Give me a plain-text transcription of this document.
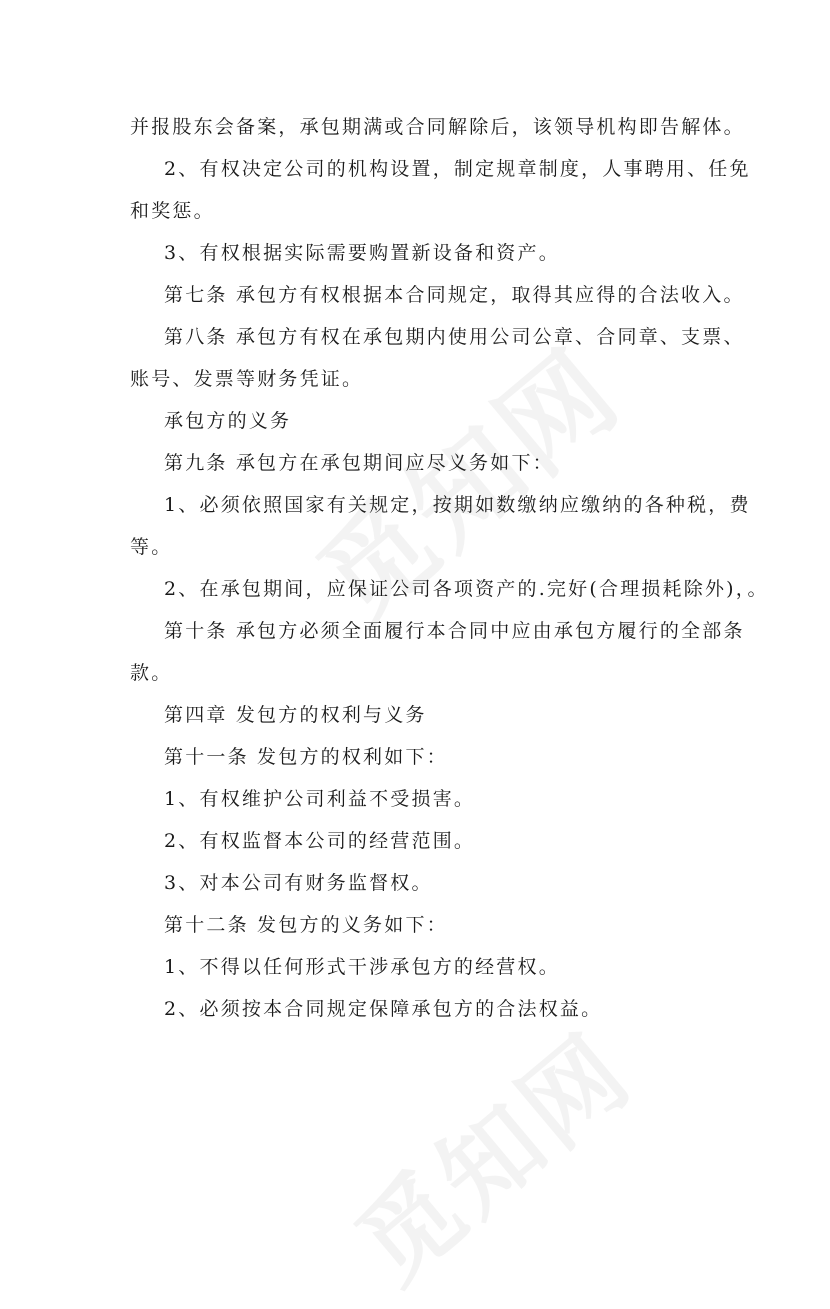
并报股东会备案，承包期满或合同解除后，该领导机构即告解体。
2、有权决定公司的机构设置，制定规章制度，人事聘用、任免
和奖惩。
3、有权根据实际需要购置新设备和资产。
第七条 承包方有权根据本合同规定，取得其应得的合法收入。
第八条 承包方有权在承包期内使用公司公章、合同章、支票、
账号、发票等财务凭证。
承包方的义务
第九条 承包方在承包期间应尽义务如下：
1、必须依照国家有关规定，按期如数缴纳应缴纳的各种税，费
等。
2、在承包期间，应保证公司各项资产的.完好(合理损耗除外)，。
第十条 承包方必须全面履行本合同中应由承包方履行的全部条
款。
第四章 发包方的权利与义务
第十一条 发包方的权利如下：
1、有权维护公司利益不受损害。
2、有权监督本公司的经营范围。
3、对本公司有财务监督权。
第十二条 发包方的义务如下：
1、不得以任何形式干涉承包方的经营权。
2、必须按本合同规定保障承包方的合法权益。
